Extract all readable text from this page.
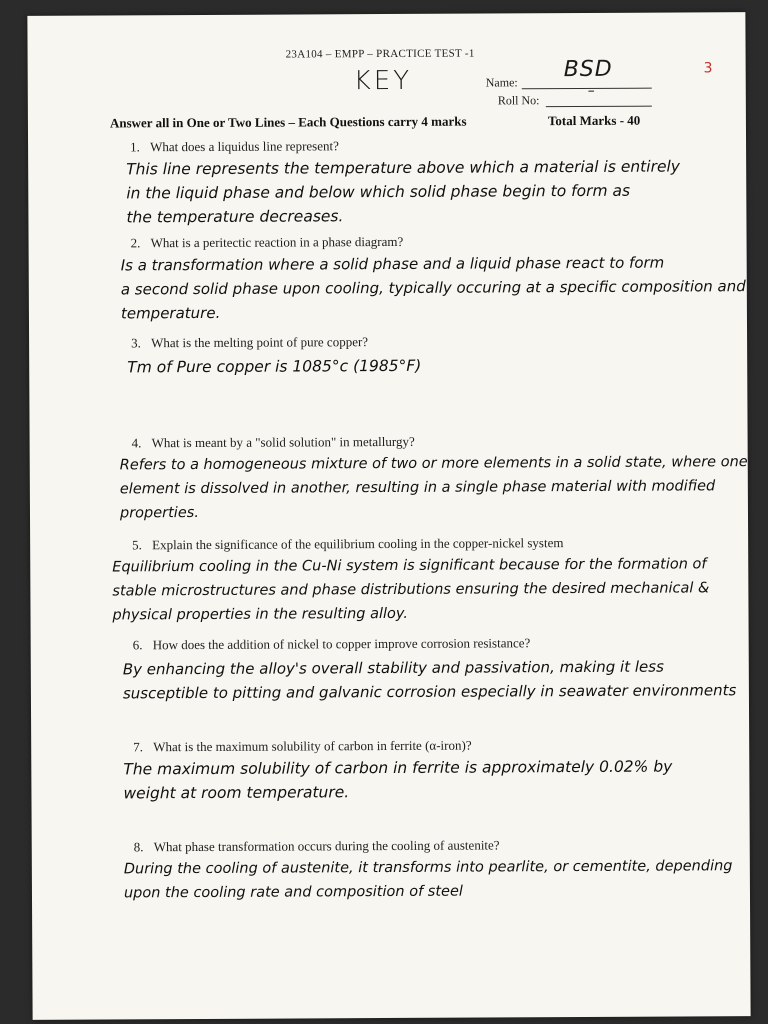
23A104 – EMPP – PRACTICE TEST -1
KEY	Name:
BSD	3
Roll No:
–
Answer all in One or Two Lines – Each Questions carry 4 marks	Total Marks - 40
1. What does a liquidus line represent?
This line represents the temperature above which a material is entirely
in the liquid phase and below which solid phase begin to form as
the temperature decreases.
2. What is a peritectic reaction in a phase diagram?
Is a transformation where a solid phase and a liquid phase react to form
a second solid phase upon cooling, typically occuring at a specific composition and
temperature.
3. What is the melting point of pure copper?
Tm of Pure copper is 1085°c (1985°F)
4. What is meant by a "solid solution" in metallurgy?
Refers to a homogeneous mixture of two or more elements in a solid state, where one
element is dissolved in another, resulting in a single phase material with modified
properties.
5. Explain the significance of the equilibrium cooling in the copper-nickel system
Equilibrium cooling in the Cu-Ni system is significant because for the formation of
stable microstructures and phase distributions ensuring the desired mechanical &
physical properties in the resulting alloy.
6. How does the addition of nickel to copper improve corrosion resistance?
By enhancing the alloy's overall stability and passivation, making it less
susceptible to pitting and galvanic corrosion especially in seawater environments
7. What is the maximum solubility of carbon in ferrite (α-iron)?
The maximum solubility of carbon in ferrite is approximately 0.02% by
weight at room temperature.
8. What phase transformation occurs during the cooling of austenite?
During the cooling of austenite, it transforms into pearlite, or cementite, depending
upon the cooling rate and composition of steel
